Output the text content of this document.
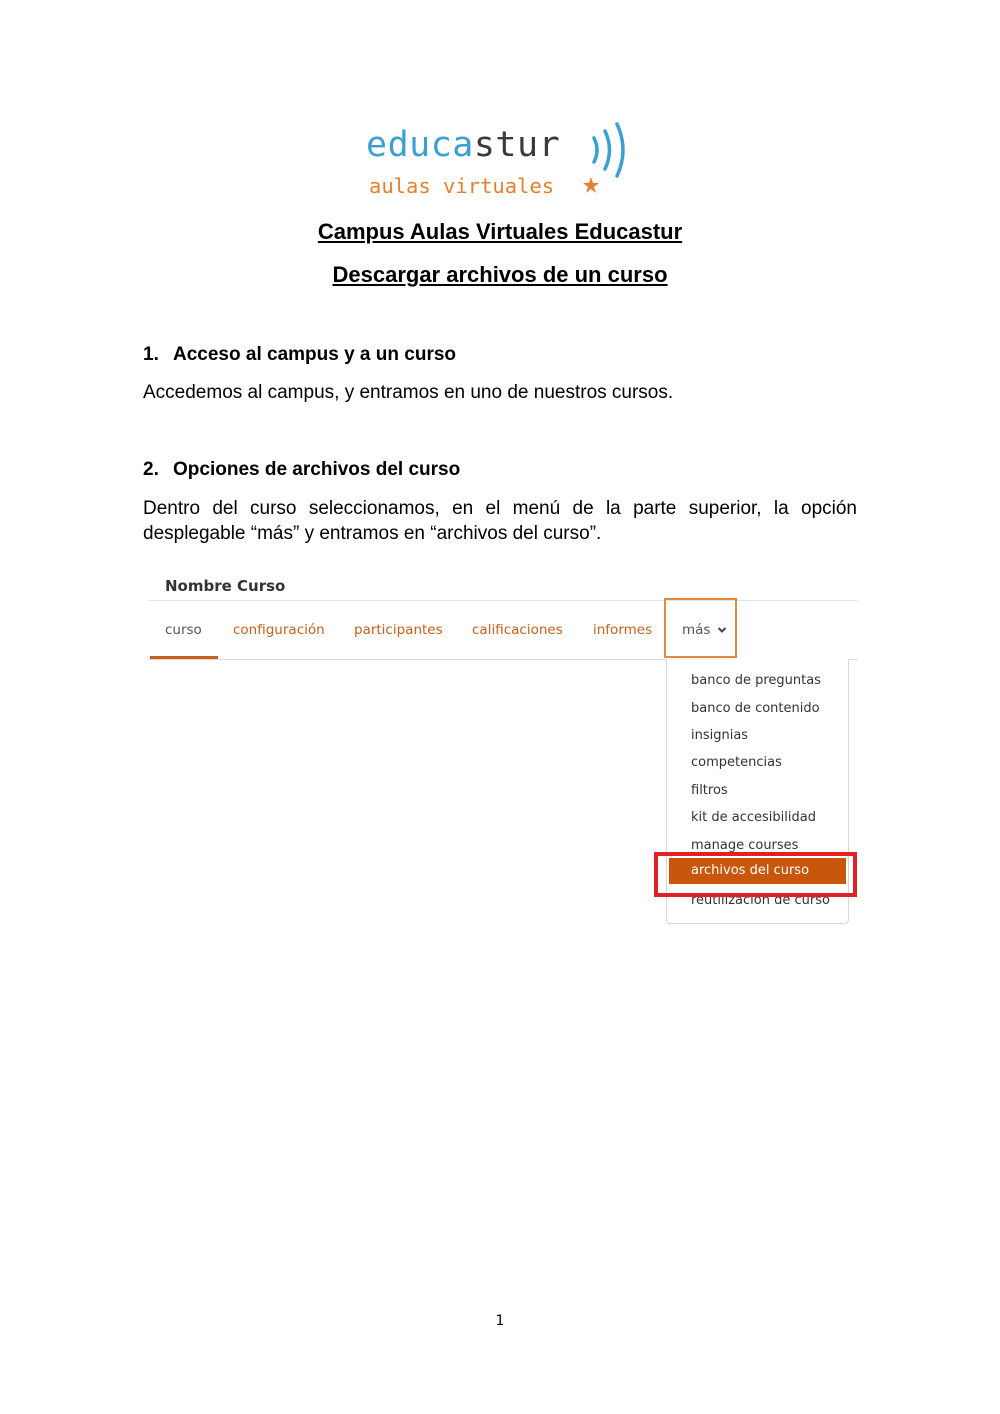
educastur
aulas virtuales
Campus Aulas Virtuales Educastur
Descargar archivos de un curso
1. Acceso al campus y a un curso
Accedemos al campus, y entramos en uno de nuestros cursos.
2. Opciones de archivos del curso
Dentro del curso seleccionamos, en el menú de la parte superior, la opción desplegable “más” y entramos en “archivos del curso”.
Nombre Curso
curso configuración participantes calificaciones informes más
banco de preguntas
banco de contenido
insignias
competencias
filtros
kit de accesibilidad
manage courses
archivos del curso
reutilización de curso
1
